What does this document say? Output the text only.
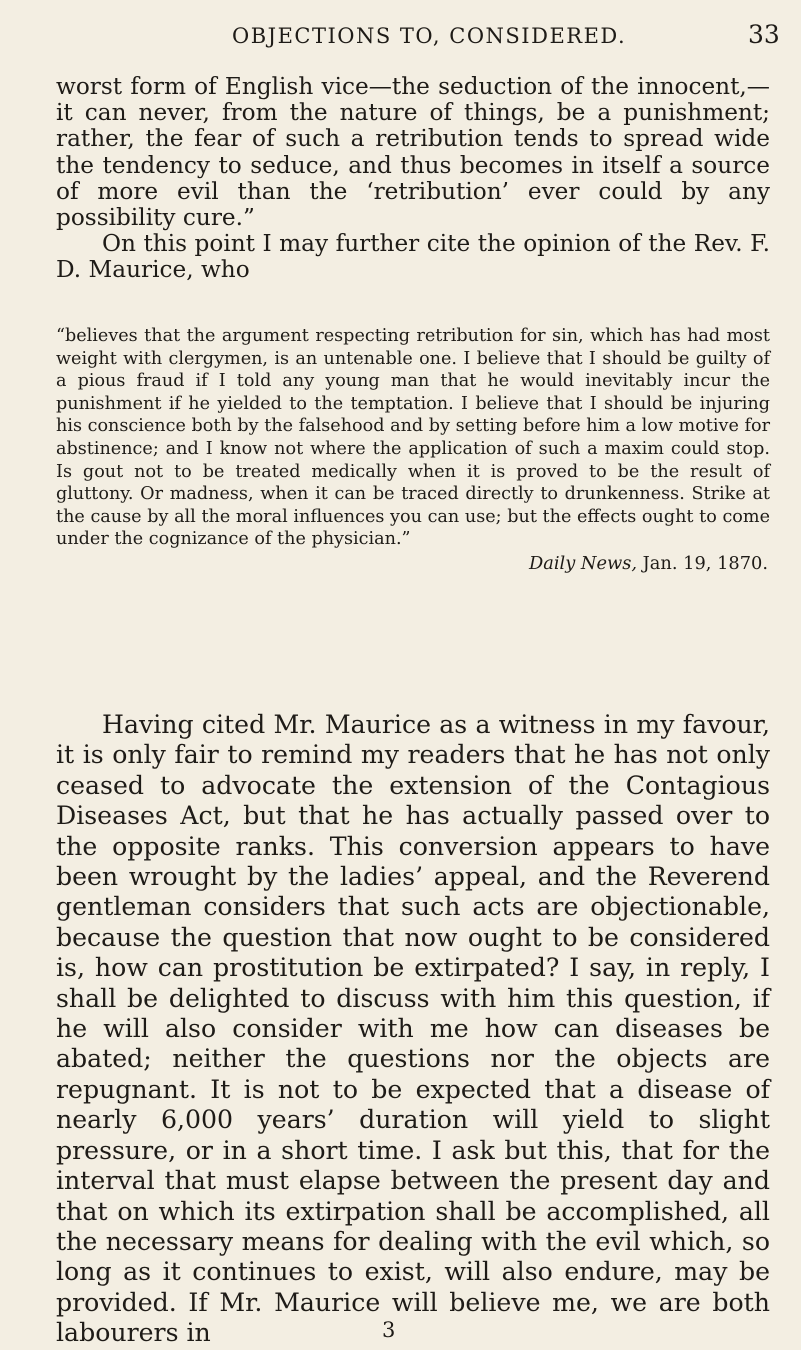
OBJECTIONS TO, CONSIDERED.	33

worst form of English vice—the seduction of the innocent,—it can never, from the nature of things, be a punishment; rather, the fear of such a retribution tends to spread wide the tendency to seduce, and thus becomes in itself a source of more evil than the ‘retribution’ ever could by any possibility cure.”

On this point I may further cite the opinion of the Rev. F. D. Maurice, who

“believes that the argument respecting retribution for sin, which has had most weight with clergymen, is an untenable one. I believe that I should be guilty of a pious fraud if I told any young man that he would inevitably incur the punishment if he yielded to the temptation. I believe that I should be injuring his conscience both by the falsehood and by setting before him a low motive for abstinence; and I know not where the application of such a maxim could stop. Is gout not to be treated medically when it is proved to be the result of gluttony. Or madness, when it can be traced directly to drunkenness. Strike at the cause by all the moral influences you can use; but the effects ought to come under the cognizance of the physician.”

Daily News, Jan. 19, 1870.

Having cited Mr. Maurice as a witness in my favour, it is only fair to remind my readers that he has not only ceased to advocate the extension of the Contagious Diseases Act, but that he has actually passed over to the opposite ranks. This conversion appears to have been wrought by the ladies’ appeal, and the Reverend gentleman considers that such acts are objectionable, because the question that now ought to be considered is, how can prostitution be extirpated? I say, in reply, I shall be delighted to discuss with him this question, if he will also consider with me how can diseases be abated; neither the questions nor the objects are repugnant. It is not to be expected that a disease of nearly 6,000 years’ duration will yield to slight pressure, or in a short time. I ask but this, that for the interval that must elapse between the present day and that on which its extirpation shall be accomplished, all the necessary means for dealing with the evil which, so long as it continues to exist, will also endure, may be provided. If Mr. Maurice will believe me, we are both labourers in	3
